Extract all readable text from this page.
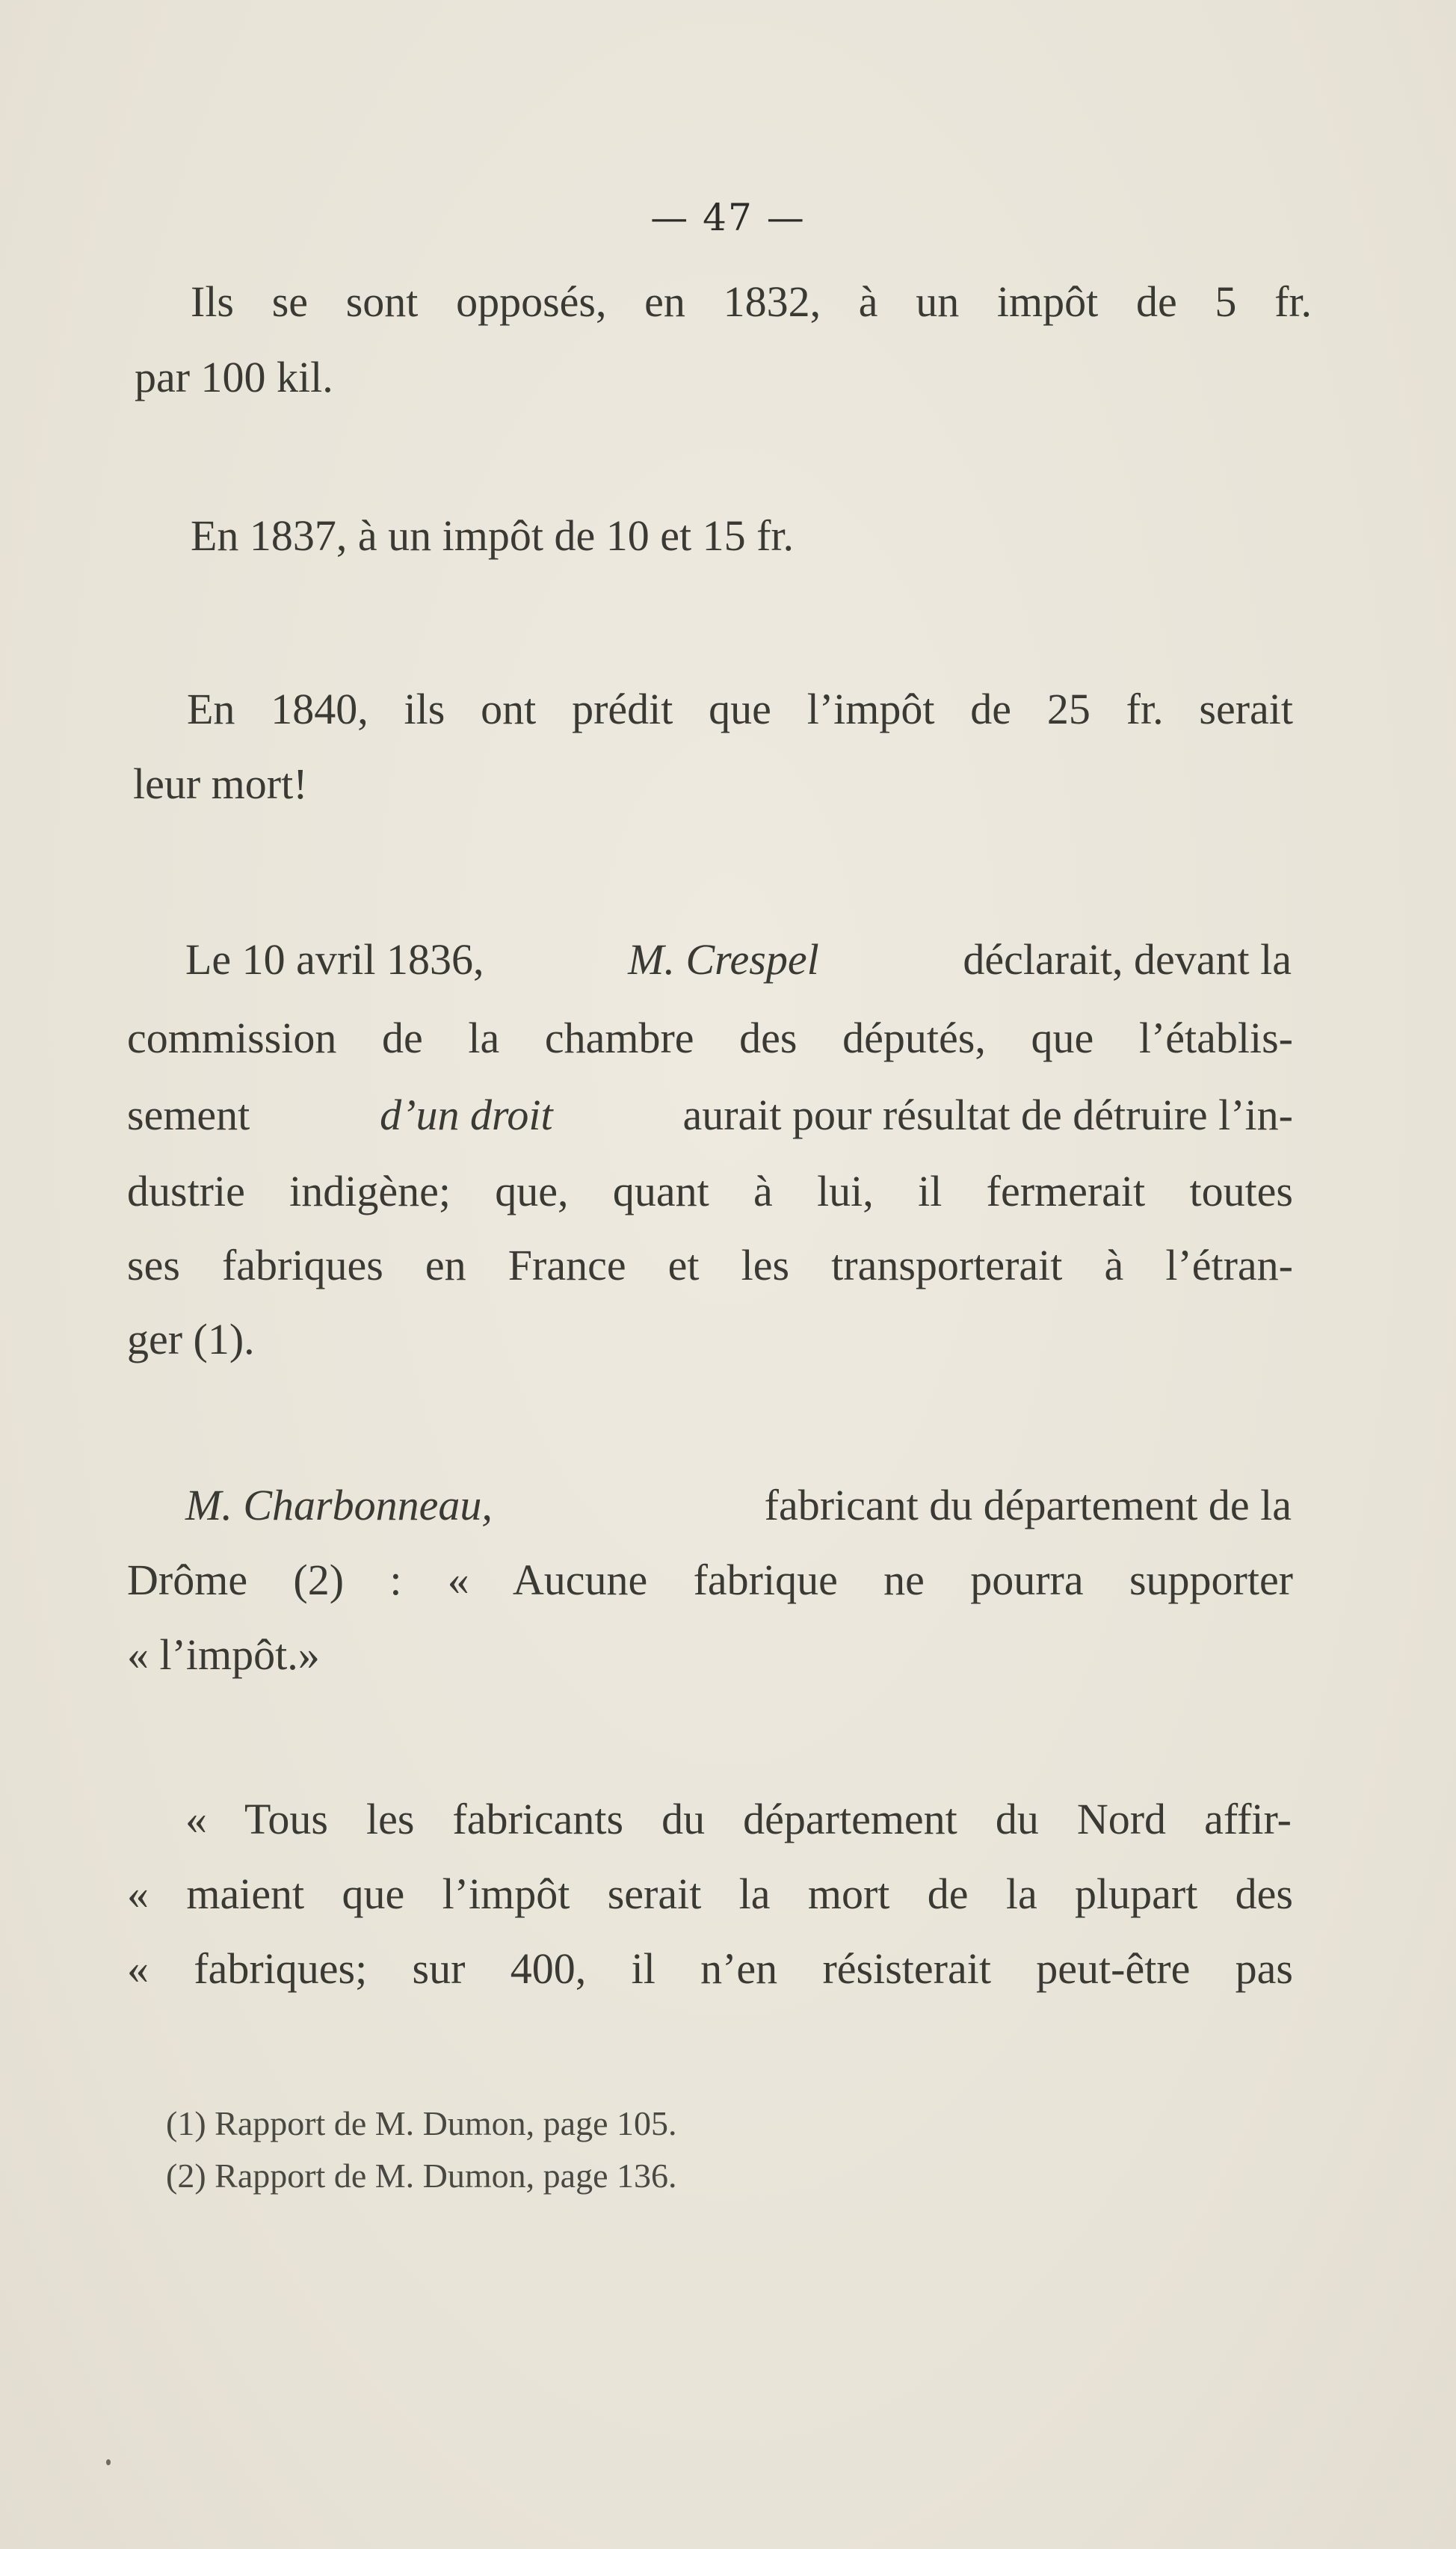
— 47 —
Ils se sont opposés, en 1832, à un impôt de 5 fr.
par 100 kil.
En 1837, à un impôt de 10 et 15 fr.
En 1840, ils ont prédit que l’impôt de 25 fr. serait
leur mort!
Le 10 avril 1836,	M. Crespel	déclarait, devant la
commission de la chambre des députés, que l’établis-
sement	d’un droit	aurait pour résultat de détruire l’in-
dustrie indigène; que, quant à lui, il fermerait toutes
ses fabriques en France et les transporterait à l’étran-
ger (1).
M. Charbonneau,	fabricant du département de la
Drôme (2) : « Aucune fabrique ne pourra supporter
« l’impôt.»
« Tous les fabricants du département du Nord affir-
« maient que l’impôt serait la mort de la plupart des
« fabriques; sur 400, il n’en résisterait peut-être pas
(1) Rapport de M. Dumon, page 105.
(2) Rapport de M. Dumon, page 136.
